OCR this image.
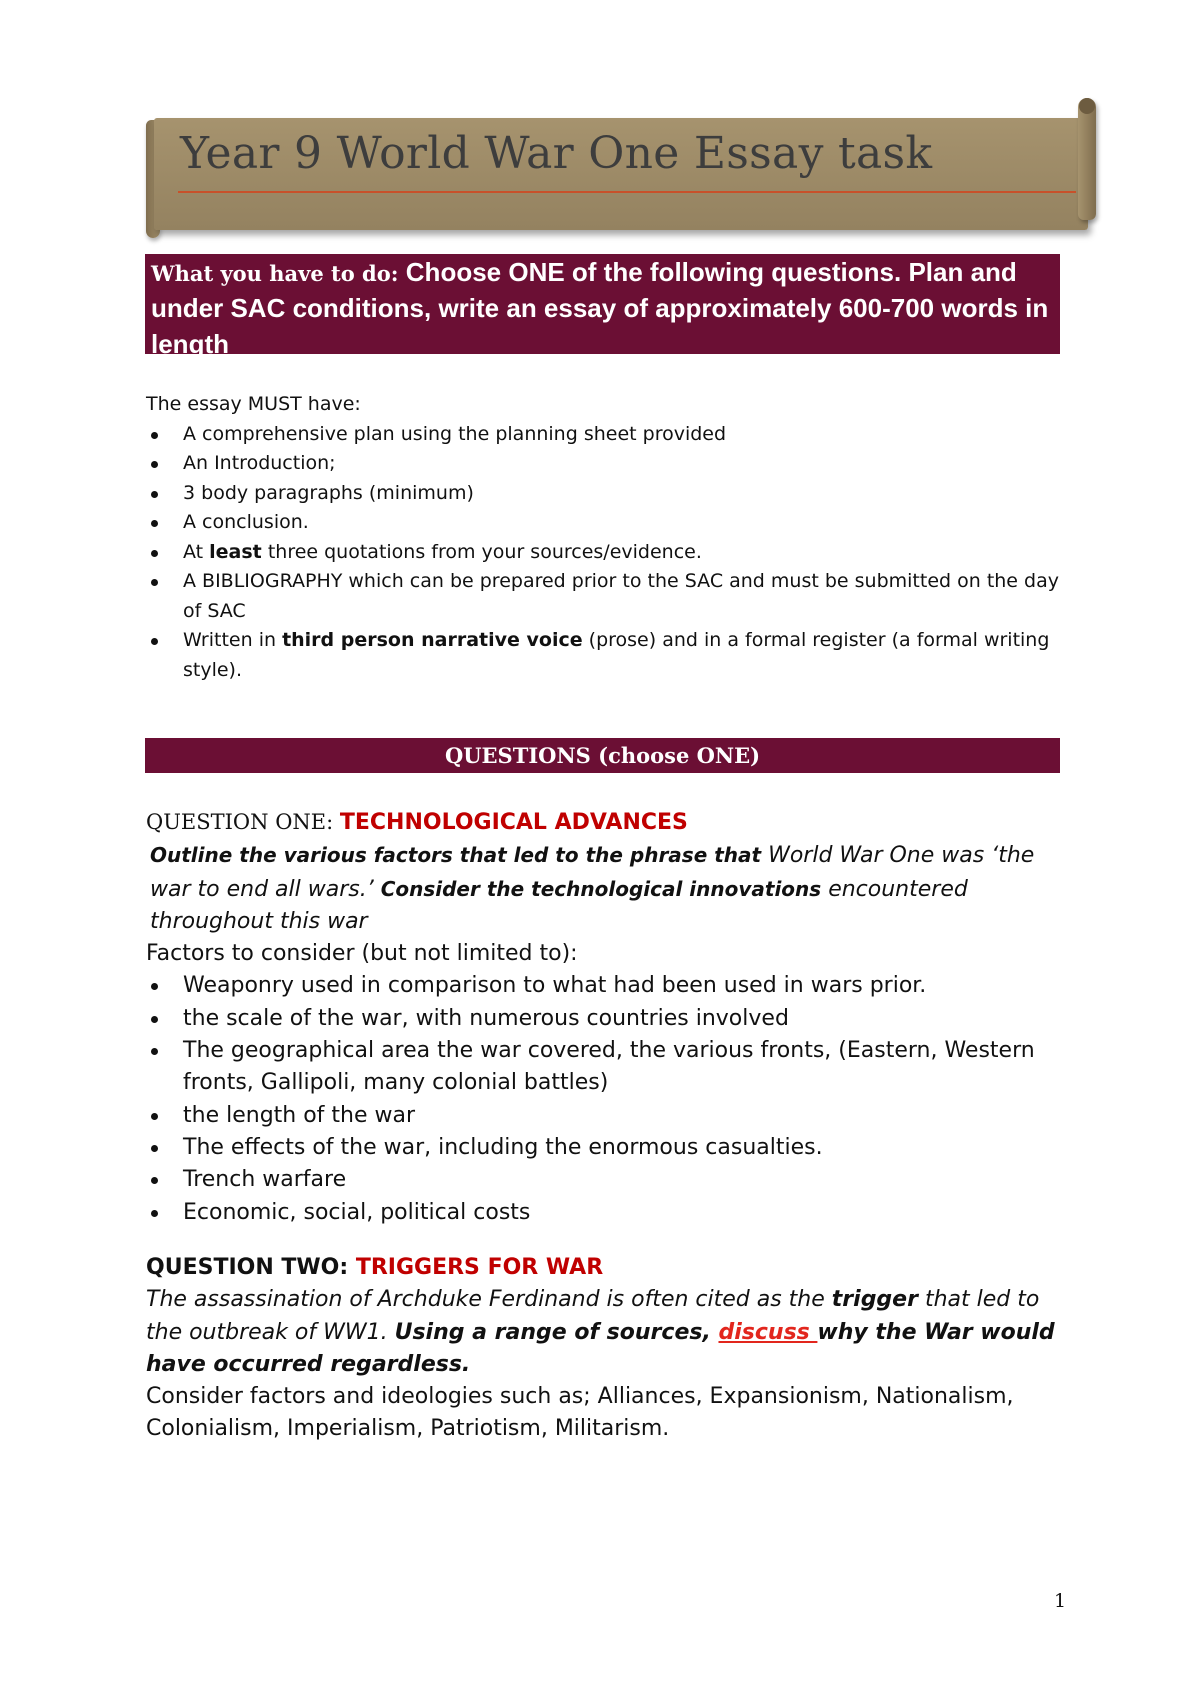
Year 9 World War One Essay task
What you have to do: Choose ONE of the following questions. Plan and under SAC conditions, write an essay of approximately 600-700 words in length
The essay MUST have:
A comprehensive plan using the planning sheet provided
An Introduction;
3 body paragraphs (minimum)
A conclusion.
At least three quotations from your sources/evidence.
A BIBLIOGRAPHY which can be prepared prior to the SAC and must be submitted on the day of SAC
Written in third person narrative voice (prose) and in a formal register (a formal writing style).
QUESTIONS (choose ONE)
QUESTION ONE: TECHNOLOGICAL ADVANCES
Outline the various factors that led to the phrase that World War One was ‘the war to end all wars.’ Consider the technological innovations encountered throughout this war
Factors to consider (but not limited to):
Weaponry used in comparison to what had been used in wars prior.
the scale of the war, with numerous countries involved
The geographical area the war covered, the various fronts, (Eastern, Western fronts, Gallipoli, many colonial battles)
the length of the war
The effects of the war, including the enormous casualties.
Trench warfare
Economic, social, political costs
QUESTION TWO: TRIGGERS FOR WAR
The assassination of Archduke Ferdinand is often cited as the trigger that led to the outbreak of WW1. Using a range of sources, discuss why the War would have occurred regardless.
Consider factors and ideologies such as; Alliances, Expansionism, Nationalism, Colonialism, Imperialism, Patriotism, Militarism.
1
